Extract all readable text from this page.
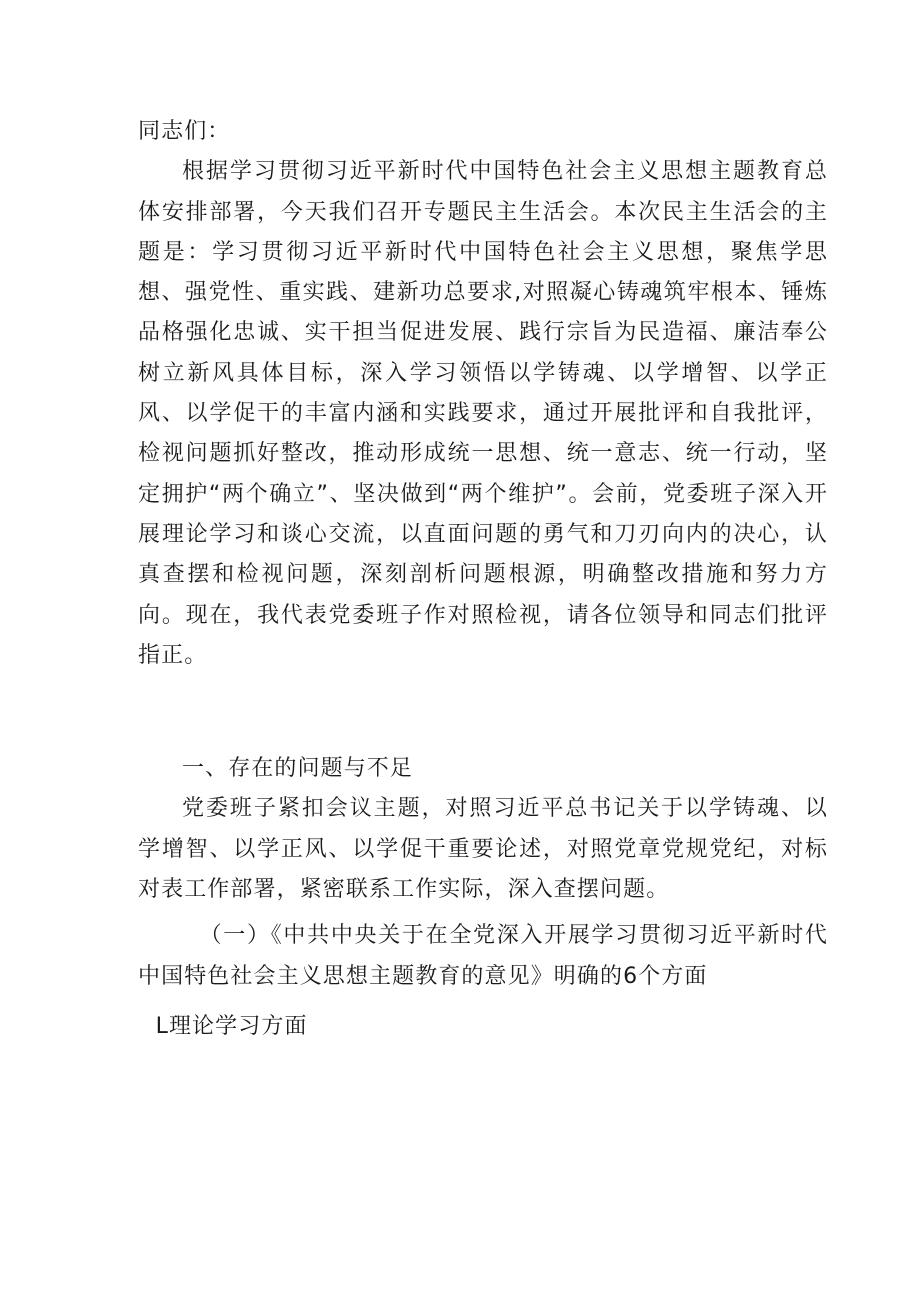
同志们：

根据学习贯彻习近平新时代中国特色社会主义思想主题教育总体安排部署，今天我们召开专题民主生活会。本次民主生活会的主题是：学习贯彻习近平新时代中国特色社会主义思想，聚焦学思想、强党性、重实践、建新功总要求,对照凝心铸魂筑牢根本、锤炼品格强化忠诚、实干担当促进发展、践行宗旨为民造福、廉洁奉公树立新风具体目标，深入学习领悟以学铸魂、以学增智、以学正风、以学促干的丰富内涵和实践要求，通过开展批评和自我批评，检视问题抓好整改，推动形成统一思想、统一意志、统一行动，坚定拥护“两个确立”、坚决做到“两个维护”。会前，党委班子深入开展理论学习和谈心交流，以直面问题的勇气和刀刃向内的决心，认真查摆和检视问题，深刻剖析问题根源，明确整改措施和努力方向。现在，我代表党委班子作对照检视，请各位领导和同志们批评指正。

一、存在的问题与不足

党委班子紧扣会议主题，对照习近平总书记关于以学铸魂、以学增智、以学正风、以学促干重要论述，对照党章党规党纪，对标对表工作部署，紧密联系工作实际，深入查摆问题。

（一）《中共中央关于在全党深入开展学习贯彻习近平新时代中国特色社会主义思想主题教育的意见》明确的6个方面

L理论学习方面
